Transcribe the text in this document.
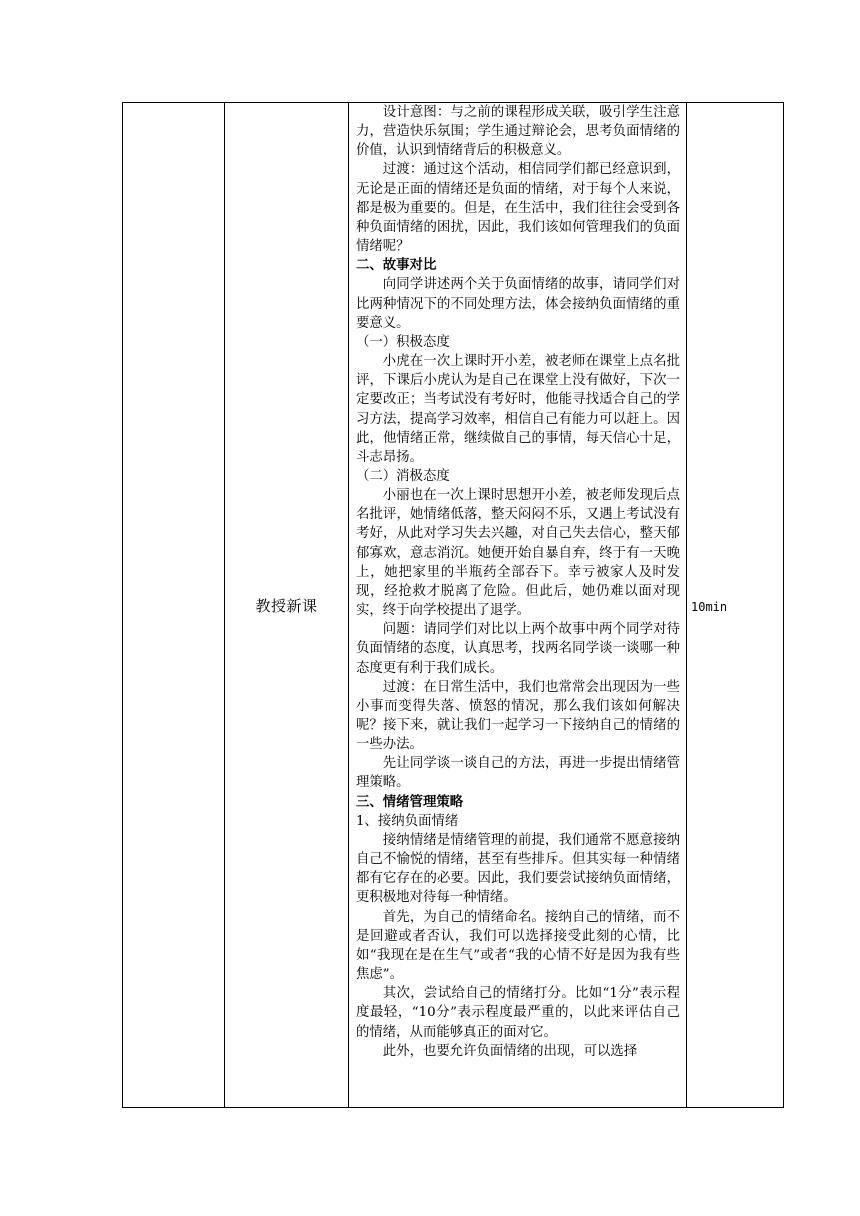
	教授新课	

设计意图：与之前的课程形成关联，吸引学生注意力，营造快乐氛围；学生通过辩论会，思考负面情绪的价值，认识到情绪背后的积极意义。

过渡：通过这个活动，相信同学们都已经意识到，无论是正面的情绪还是负面的情绪，对于每个人来说，都是极为重要的。但是，在生活中，我们往往会受到各种负面情绪的困扰，因此，我们该如何管理我们的负面情绪呢？

二、故事对比

向同学讲述两个关于负面情绪的故事，请同学们对比两种情况下的不同处理方法，体会接纳负面情绪的重要意义。

（一）积极态度

小虎在一次上课时开小差，被老师在课堂上点名批评，下课后小虎认为是自己在课堂上没有做好，下次一定要改正；当考试没有考好时，他能寻找适合自己的学习方法，提高学习效率，相信自己有能力可以赶上。因此，他情绪正常，继续做自己的事情，每天信心十足，斗志昂扬。

（二）消极态度

小丽也在一次上课时思想开小差，被老师发现后点名批评，她情绪低落，整天闷闷不乐，又遇上考试没有考好，从此对学习失去兴趣，对自己失去信心，整天郁郁寡欢，意志消沉。她便开始自暴自弃，终于有一天晚上，她把家里的半瓶药全部吞下。幸亏被家人及时发现，经抢救才脱离了危险。但此后，她仍难以面对现实，终于向学校提出了退学。

问题：请同学们对比以上两个故事中两个同学对待负面情绪的态度，认真思考，找两名同学谈一谈哪一种态度更有利于我们成长。

过渡：在日常生活中，我们也常常会出现因为一些小事而变得失落、愤怒的情况，那么我们该如何解决呢？接下来，就让我们一起学习一下接纳自己的情绪的一些办法。

先让同学谈一谈自己的方法，再进一步提出情绪管理策略。

三、情绪管理策略

1、接纳负面情绪

接纳情绪是情绪管理的前提，我们通常不愿意接纳自己不愉悦的情绪，甚至有些排斥。但其实每一种情绪都有它存在的必要。因此，我们要尝试接纳负面情绪，更积极地对待每一种情绪。

首先，为自己的情绪命名。接纳自己的情绪，而不是回避或者否认，我们可以选择接受此刻的心情，比如“我现在是在生气”或者“我的心情不好是因为我有些焦虑”。

其次，尝试给自己的情绪打分。比如“1分”表示程度最轻，“10分”表示程度最严重的，以此来评估自己的情绪，从而能够真正的面对它。

此外，也要允许负面情绪的出现，可以选择

	10min
